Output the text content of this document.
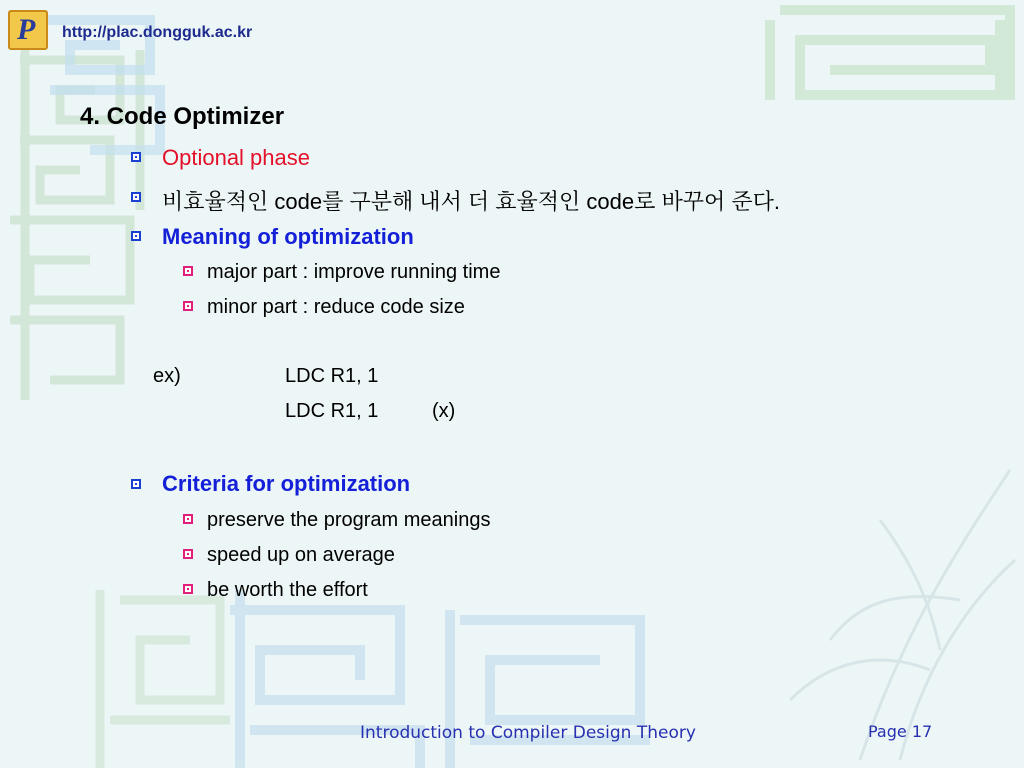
P http://plac.dongguk.ac.kr
4. Code Optimizer
Optional phase
비효율적인 code를 구분해 내서 더 효율적인 code로 바꾸어 준다.
Meaning of optimization
major part : improve running time
minor part : reduce code size
ex)	LDC R1, 1
LDC R1, 1	(x)
Criteria for optimization
preserve the program meanings
speed up on average
be worth the effort
Introduction to Compiler Design Theory	Page 17
